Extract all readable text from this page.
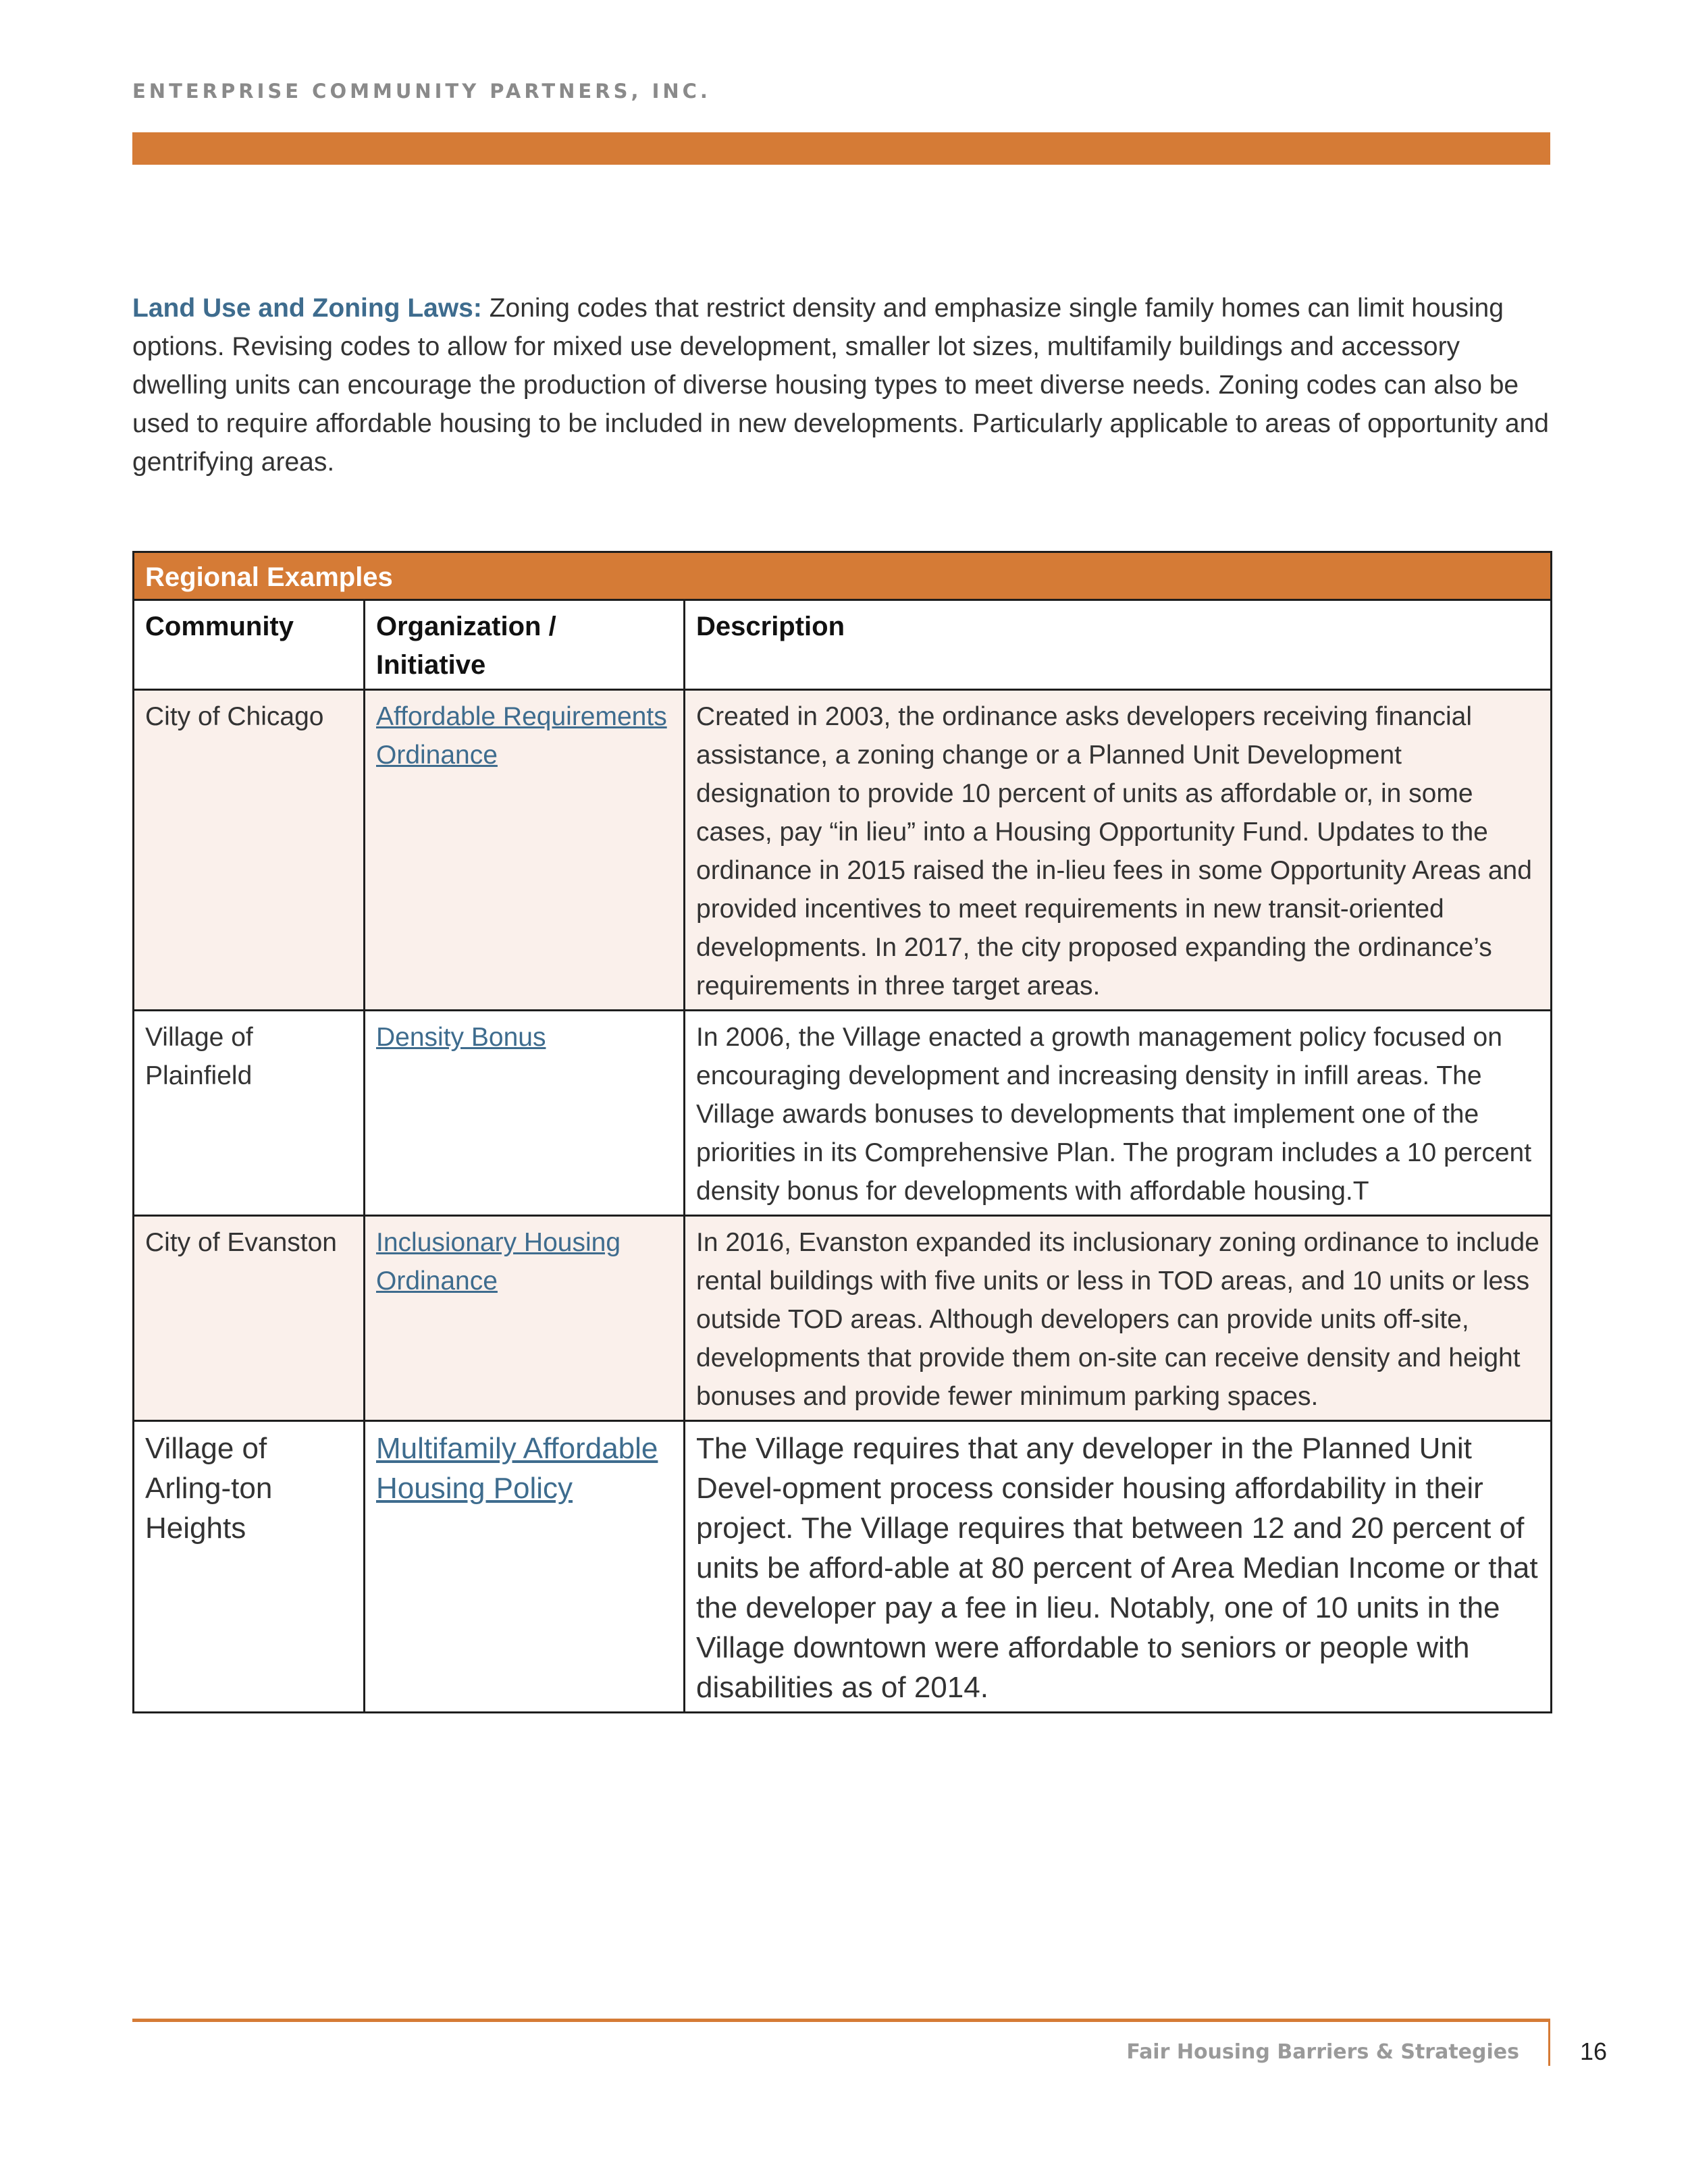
ENTERPRISE COMMUNITY PARTNERS, INC.

Land Use and Zoning Laws: Zoning codes that restrict density and emphasize single family homes can limit housing options. Revising codes to allow for mixed use development, smaller lot sizes, multifamily buildings and accessory dwelling units can encourage the production of diverse housing types to meet diverse needs. Zoning codes can also be used to require affordable housing to be included in new developments. Particularly applicable to areas of opportunity and gentrifying areas.

Regional Examples		
Community	Organization / Initiative	Description
City of Chicago	Affordable Requirements Ordinance	Created in 2003, the ordinance asks developers receiving financial assistance, a zoning change or a Planned Unit Development designation to provide 10 percent of units as affordable or, in some cases, pay “in lieu” into a Housing Opportunity Fund. Updates to the ordinance in 2015 raised the in-lieu fees in some Opportunity Areas and provided incentives to meet requirements in new transit-oriented developments. In 2017, the city proposed expanding the ordinance’s requirements in three target areas.
Village of Plainfield	Density Bonus	In 2006, the Village enacted a growth management policy focused on encouraging development and increasing density in infill areas. The Village awards bonuses to developments that implement one of the priorities in its Comprehensive Plan. The program includes a 10 percent density bonus for developments with affordable housing.T
City of Evanston	Inclusionary Housing Ordinance	In 2016, Evanston expanded its inclusionary zoning ordinance to include rental buildings with five units or less in TOD areas, and 10 units or less outside TOD areas. Although developers can provide units off-site, developments that provide them on-site can receive density and height bonuses and provide fewer minimum parking spaces.
Village of Arling-ton Heights	Multifamily Affordable Housing Policy	The Village requires that any developer in the Planned Unit Devel-opment process consider housing affordability in their project. The Village requires that between 12 and 20 percent of units be afford-able at 80 percent of Area Median Income or that the developer pay a fee in lieu. Notably, one of 10 units in the Village downtown were affordable to seniors or people with disabilities as of 2014.
Fair Housing Barriers & Strategies	16
